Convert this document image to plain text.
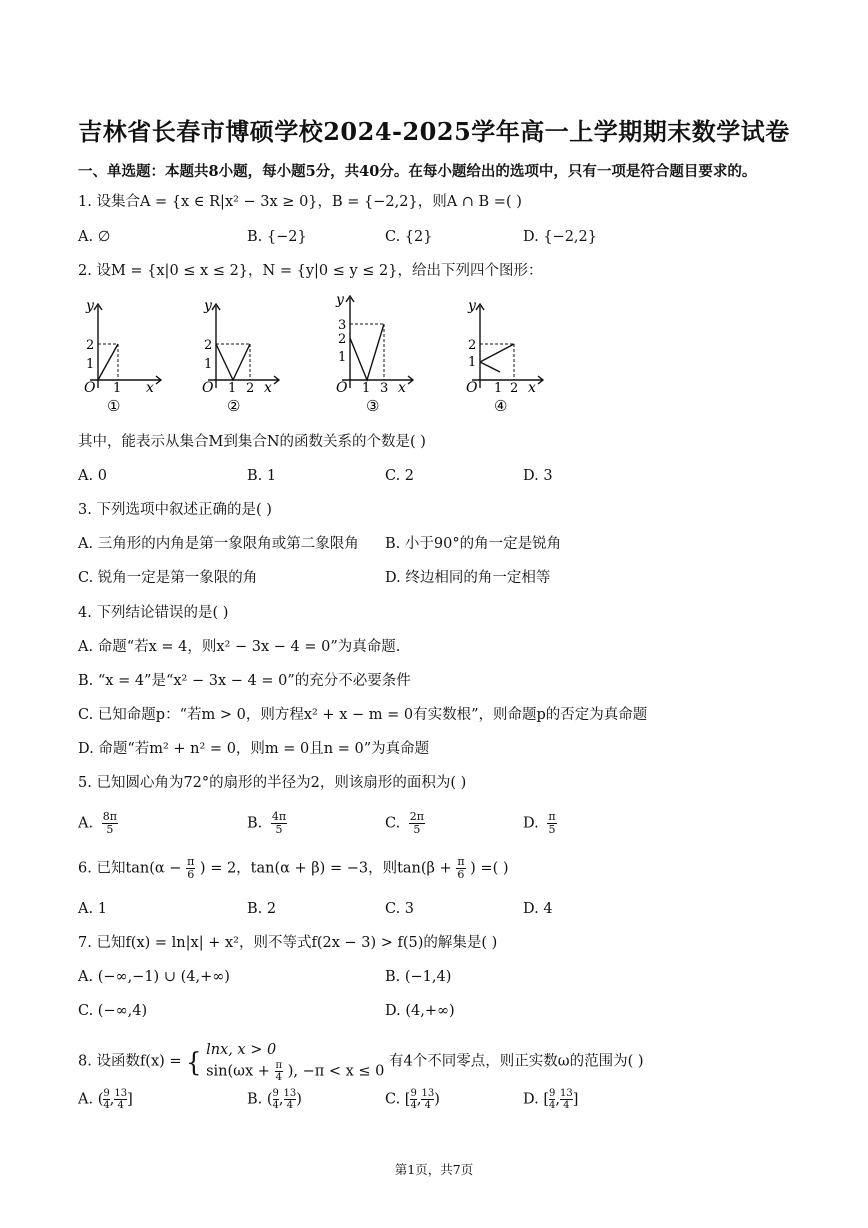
吉林省长春市博硕学校2024-2025学年高一上学期期末数学试卷
一、单选题：本题共8小题，每小题5分，共40分。在每小题给出的选项中，只有一项是符合题目要求的。
1. 设集合A = {x ∈ R|x² − 3x ≥ 0}，B = {−2,2}，则A ∩ B =( )
A. ∅	B. {−2}	C. {2}	D. {−2,2}
2. 设M = {x|0 ≤ x ≤ 2}，N = {y|0 ≤ y ≤ 2}，给出下列四个图形：
y
x
O 1
1
2
①
y
x
O 1 2
1
2
②
y
x
O 1 3
1
2
3
③
y
x
O 1 2
1
2
④
其中，能表示从集合M到集合N的函数关系的个数是( )
A. 0	B. 1	C. 2	D. 3
3. 下列选项中叙述正确的是( )
A. 三角形的内角是第一象限角或第二象限角 B. 小于90°的角一定是锐角
C. 锐角一定是第一象限的角	D. 终边相同的角一定相等
4. 下列结论错误的是( )
A. 命题“若x = 4，则x² − 3x − 4 = 0”为真命题.
B. “x = 4”是“x² − 3x − 4 = 0”的充分不必要条件
C. 已知命题p：“若m > 0，则方程x² + x − m = 0有实数根”，则命题p的否定为真命题
D. 命题“若m² + n² = 0，则m = 0且n = 0”为真命题
5. 已知圆心角为72°的扇形的半径为2，则该扇形的面积为( )
A. $\frac{8\pi}{5}$	B. $\frac{4\pi}{5}$	C. $\frac{2\pi}{5}$	D. $\frac{\pi}{5}$
6. 已知$\tan(\alpha - \frac{\pi}{6}$ ) = 2，tan(α + β) = −3，则$\tan(\beta + \frac{\pi}{6}$ ) =( )
A. 1	B. 2	C. 3	D. 4
7. 已知f(x) = ln|x| + x²，则不等式f(2x − 3) > f(5)的解集是( )
A. (−∞,−1) ∪ (4,+∞)	B. (−1,4)
C. (−∞,4)	D. (4,+∞)
8. 设函数f(x) = { lnx, x > 0
$\sin(\omega x + \frac{\pi}{4}$ ), −π < x ≤ 0
有4个不同零点，则正实数ω的范围为( )
A. ( $\frac{9}{4}$ , $\frac{13}{4}$ ]	B. ( $\frac{9}{4}$ , $\frac{13}{4}$ )	C. [ $\frac{9}{4}$ , $\frac{13}{4}$ )	D. [ $\frac{9}{4}$ , $\frac{13}{4}$ ]
第1页，共7页
